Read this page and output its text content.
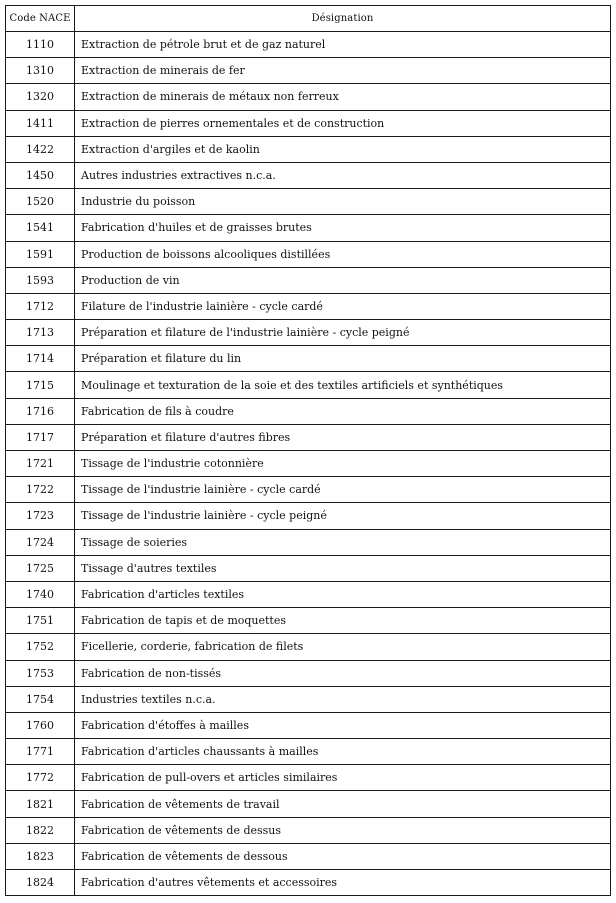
Code NACE	Désignation
1110	Extraction de pétrole brut et de gaz naturel
1310	Extraction de minerais de fer
1320	Extraction de minerais de métaux non ferreux
1411	Extraction de pierres ornementales et de construction
1422	Extraction d'argiles et de kaolin
1450	Autres industries extractives n.c.a.
1520	Industrie du poisson
1541	Fabrication d'huiles et de graisses brutes
1591	Production de boissons alcooliques distillées
1593	Production de vin
1712	Filature de l'industrie lainière - cycle cardé
1713	Préparation et filature de l'industrie lainière - cycle peigné
1714	Préparation et filature du lin
1715	Moulinage et texturation de la soie et des textiles artificiels et synthétiques
1716	Fabrication de fils à coudre
1717	Préparation et filature d'autres fibres
1721	Tissage de l'industrie cotonnière
1722	Tissage de l'industrie lainière - cycle cardé
1723	Tissage de l'industrie lainière - cycle peigné
1724	Tissage de soieries
1725	Tissage d'autres textiles
1740	Fabrication d'articles textiles
1751	Fabrication de tapis et de moquettes
1752	Ficellerie, corderie, fabrication de filets
1753	Fabrication de non-tissés
1754	Industries textiles n.c.a.
1760	Fabrication d'étoffes à mailles
1771	Fabrication d'articles chaussants à mailles
1772	Fabrication de pull-overs et articles similaires
1821	Fabrication de vêtements de travail
1822	Fabrication de vêtements de dessus
1823	Fabrication de vêtements de dessous
1824	Fabrication d'autres vêtements et accessoires
